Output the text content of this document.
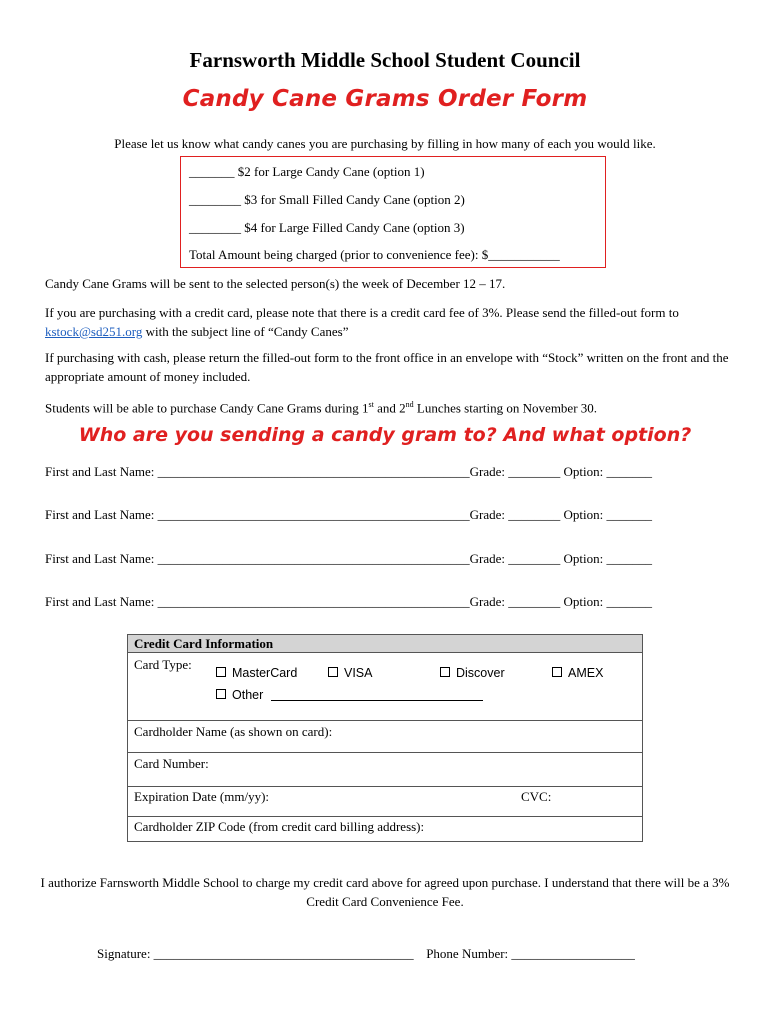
Farnsworth Middle School Student Council
Candy Cane Grams Order Form
Please let us know what candy canes you are purchasing by filling in how many of each you would like.
_______ $2 for Large Candy Cane (option 1)
________ $3 for Small Filled Candy Cane (option 2)
________ $4 for Large Filled Candy Cane (option 3)
Total Amount being charged (prior to convenience fee): $___________
Candy Cane Grams will be sent to the selected person(s) the week of December 12 – 17.
If you are purchasing with a credit card, please note that there is a credit card fee of 3%. Please send the filled-out form to kstock@sd251.org with the subject line of “Candy Canes”
If purchasing with cash, please return the filled-out form to the front office in an envelope with “Stock” written on the front and the appropriate amount of money included.
Students will be able to purchase Candy Cane Grams during 1st and 2nd Lunches starting on November 30.
Who are you sending a candy gram to? And what option?
First and Last Name: ________________________________________________Grade: ________ Option: _______
First and Last Name: ________________________________________________Grade: ________ Option: _______
First and Last Name: ________________________________________________Grade: ________ Option: _______
First and Last Name: ________________________________________________Grade: ________ Option: _______
Credit Card Information
Card Type:
MasterCard	VISA	Discover	AMEX
Other
Cardholder Name (as shown on card):
Card Number:
Expiration Date (mm/yy):	CVC:
Cardholder ZIP Code (from credit card billing address):
I authorize Farnsworth Middle School to charge my credit card above for agreed upon purchase. I understand that there will be a 3% Credit Card Convenience Fee.
Signature: ________________________________________ Phone Number: ___________________
